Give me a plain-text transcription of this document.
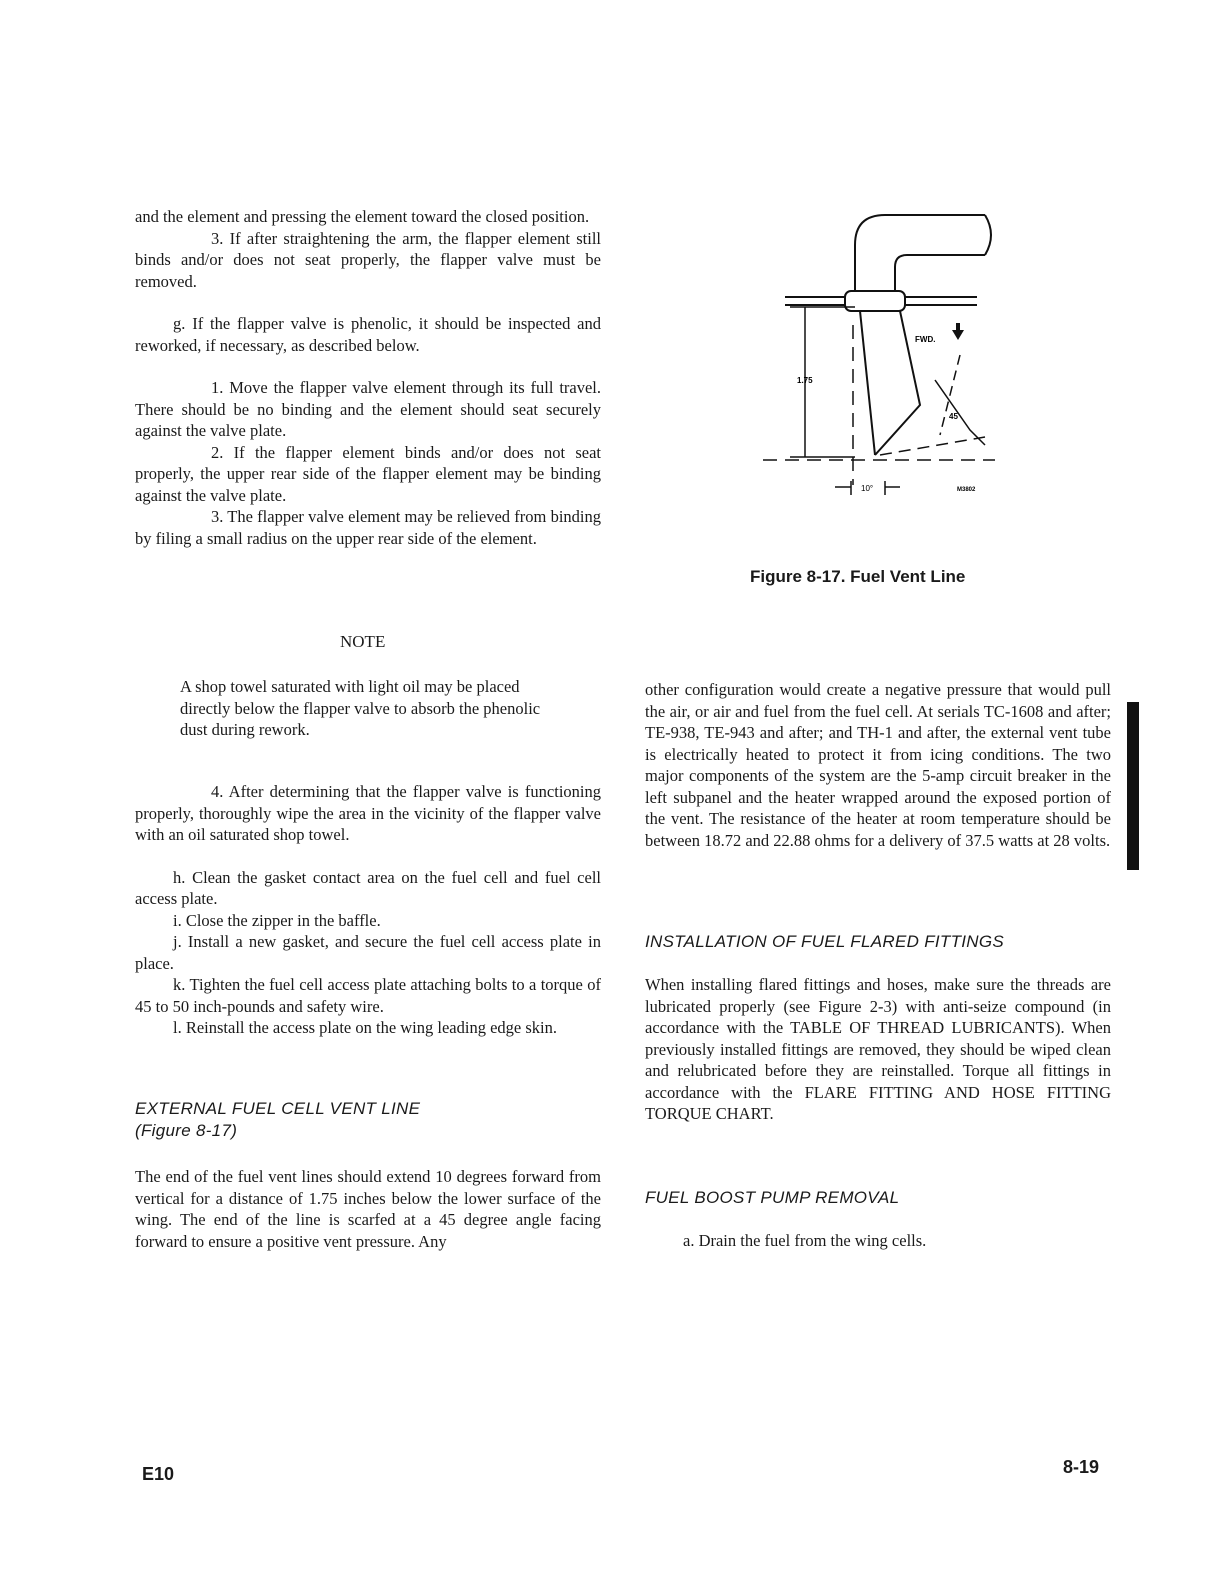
and the element and pressing the element toward the closed position.

3. If after straightening the arm, the flapper element still binds and/or does not seat properly, the flapper valve must be removed.

g. If the flapper valve is phenolic, it should be inspected and reworked, if necessary, as described below.

1. Move the flapper valve element through its full travel. There should be no binding and the element should seat securely against the valve plate.

2. If the flapper element binds and/or does not seat properly, the upper rear side of the flapper element may be binding against the valve plate.

3. The flapper valve element may be relieved from binding by filing a small radius on the upper rear side of the element.

NOTE
A shop towel saturated with light oil may be placed directly below the flapper valve to absorb the phenolic dust during rework.

4. After determining that the flapper valve is functioning properly, thoroughly wipe the area in the vicinity of the flapper valve with an oil saturated shop towel.

h. Clean the gasket contact area on the fuel cell and fuel cell access plate.

i. Close the zipper in the baffle.

j. Install a new gasket, and secure the fuel cell access plate in place.

k. Tighten the fuel cell access plate attaching bolts to a torque of 45 to 50 inch-pounds and safety wire.

l. Reinstall the access plate on the wing leading edge skin.

EXTERNAL FUEL CELL VENT LINE
(Figure 8-17)

The end of the fuel vent lines should extend 10 degrees forward from vertical for a distance of 1.75 inches below the lower surface of the wing. The end of the line is scarfed at a 45 degree angle facing forward to ensure a positive vent pressure. Any

FWD.
1.75
45
10°	M3802
Figure 8-17. Fuel Vent Line

other configuration would create a negative pressure that would pull the air, or air and fuel from the fuel cell. At serials TC-1608 and after; TE-938, TE-943 and after; and TH-1 and after, the external vent tube is electrically heated to protect it from icing conditions. The two major components of the system are the 5-amp circuit breaker in the left subpanel and the heater wrapped around the exposed portion of the vent. The resistance of the heater at room temperature should be between 18.72 and 22.88 ohms for a delivery of 37.5 watts at 28 volts.

INSTALLATION OF FUEL FLARED FITTINGS

When installing flared fittings and hoses, make sure the threads are lubricated properly (see Figure 2-3) with anti-seize compound (in accordance with the TABLE OF THREAD LUBRICANTS). When previously installed fittings are removed, they should be wiped clean and relubricated before they are reinstalled. Torque all fittings in accordance with the FLARE FITTING AND HOSE FITTING TORQUE CHART.

FUEL BOOST PUMP REMOVAL

a. Drain the fuel from the wing cells.

E10	8-19
